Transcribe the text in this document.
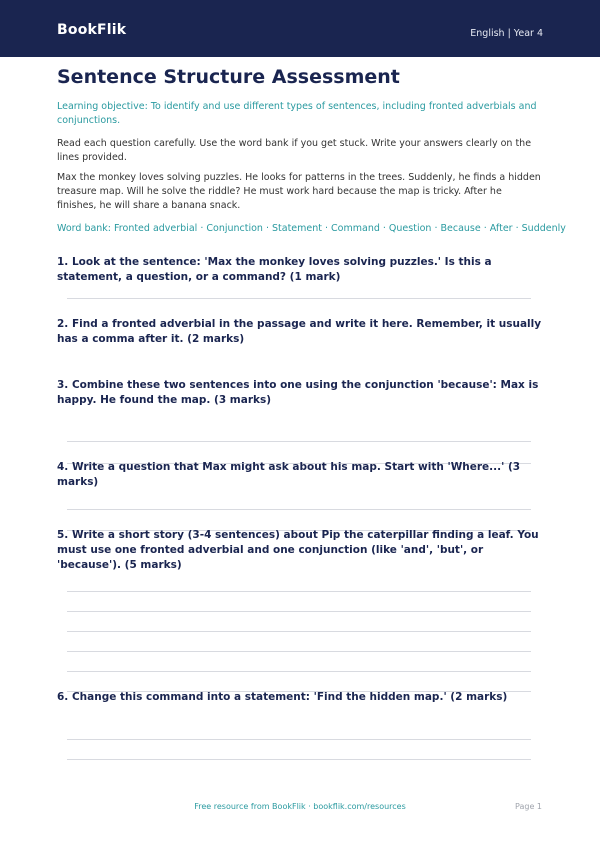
BookFlik	English | Year 4
Sentence Structure Assessment

Learning objective: To identify and use different types of sentences, including fronted adverbials and conjunctions.

Read each question carefully. Use the word bank if you get stuck. Write your answers clearly on the lines provided.

Max the monkey loves solving puzzles. He looks for patterns in the trees. Suddenly, he finds a hidden treasure map. Will he solve the riddle? He must work hard because the map is tricky. After he finishes, he will share a banana snack.

Word bank: Fronted adverbial · Conjunction · Statement · Command · Question · Because · After · Suddenly

1. Look at the sentence: 'Max the monkey loves solving puzzles.' Is this a statement, a question, or a command? (1 mark)

2. Find a fronted adverbial in the passage and write it here. Remember, it usually has a comma after it. (2 marks)

3. Combine these two sentences into one using the conjunction 'because': Max is happy. He found the map. (3 marks)

4. Write a question that Max might ask about his map. Start with 'Where...' (3 marks)

5. Write a short story (3-4 sentences) about Pip the caterpillar finding a leaf. You must use one fronted adverbial and one conjunction (like 'and', 'but', or 'because'). (5 marks)

6. Change this command into a statement: 'Find the hidden map.' (2 marks)

Free resource from BookFlik · bookflik.com/resources	Page 1
